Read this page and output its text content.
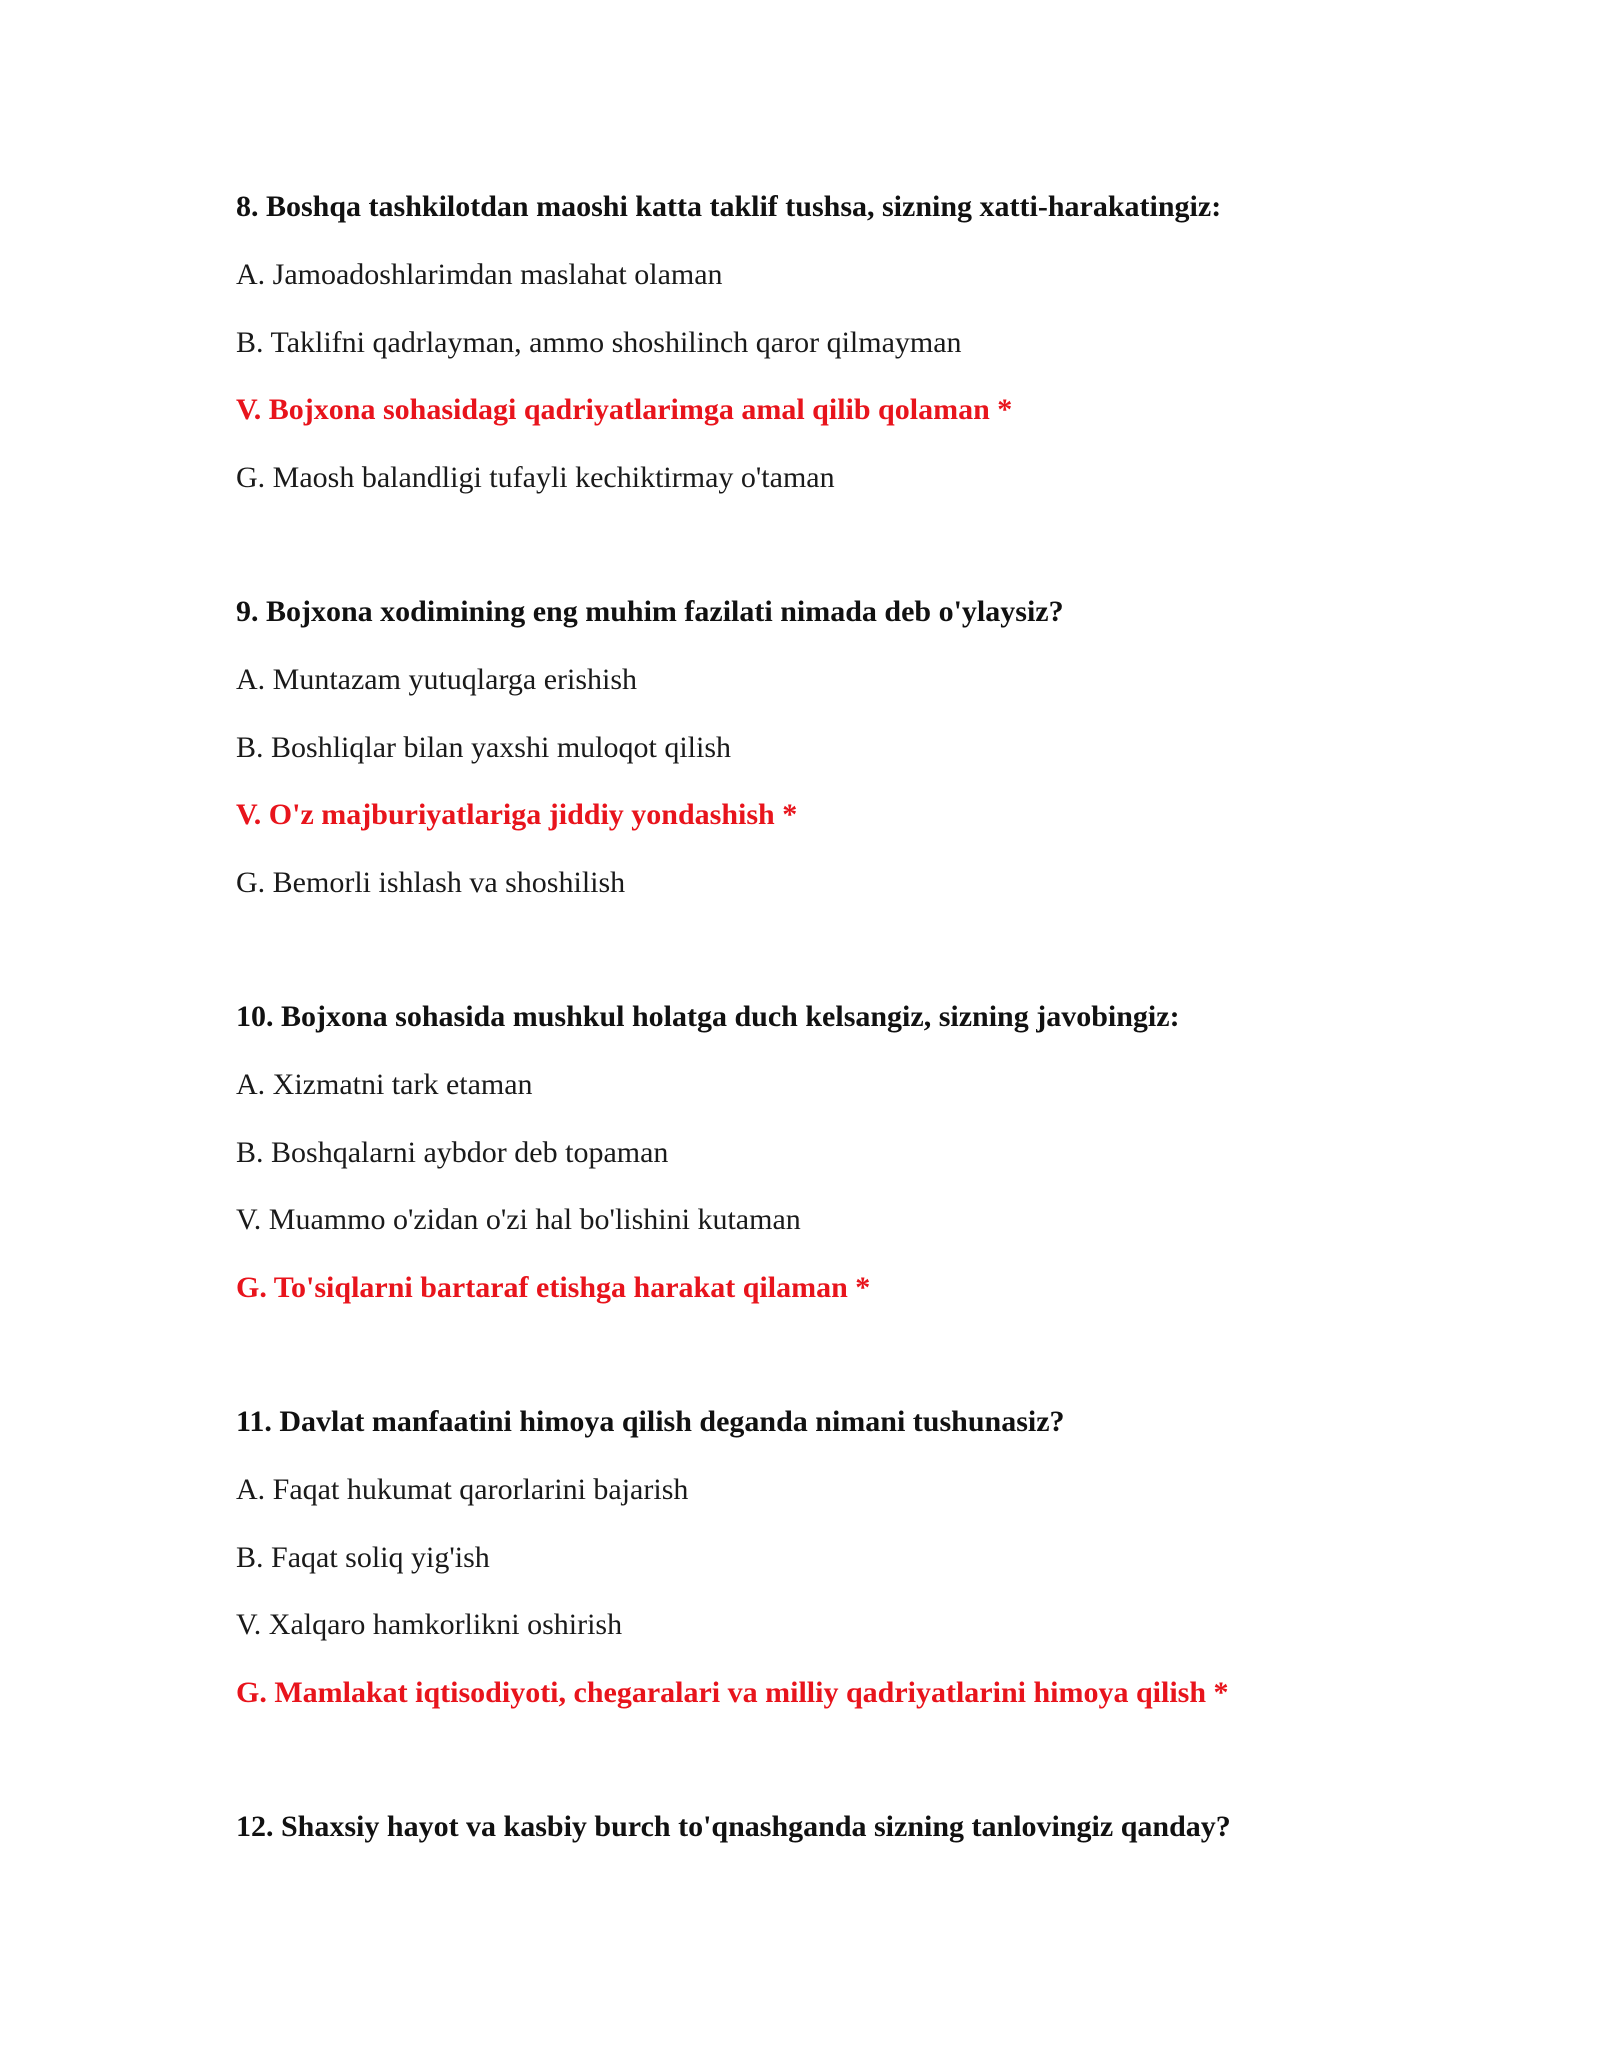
8. Boshqa tashkilotdan maoshi katta taklif tushsa, sizning xatti-harakatingiz:
A. Jamoadoshlarimdan maslahat olaman
B. Taklifni qadrlayman, ammo shoshilinch qaror qilmayman
V. Bojxona sohasidagi qadriyatlarimga amal qilib qolaman *
G. Maosh balandligi tufayli kechiktirmay o'taman
9. Bojxona xodimining eng muhim fazilati nimada deb o'ylaysiz?
A. Muntazam yutuqlarga erishish
B. Boshliqlar bilan yaxshi muloqot qilish
V. O'z majburiyatlariga jiddiy yondashish *
G. Bemorli ishlash va shoshilish
10. Bojxona sohasida mushkul holatga duch kelsangiz, sizning javobingiz:
A. Xizmatni tark etaman
B. Boshqalarni aybdor deb topaman
V. Muammo o'zidan o'zi hal bo'lishini kutaman
G. To'siqlarni bartaraf etishga harakat qilaman *
11. Davlat manfaatini himoya qilish deganda nimani tushunasiz?
A. Faqat hukumat qarorlarini bajarish
B. Faqat soliq yig'ish
V. Xalqaro hamkorlikni oshirish
G. Mamlakat iqtisodiyoti, chegaralari va milliy qadriyatlarini himoya qilish *
12. Shaxsiy hayot va kasbiy burch to'qnashganda sizning tanlovingiz qanday?
